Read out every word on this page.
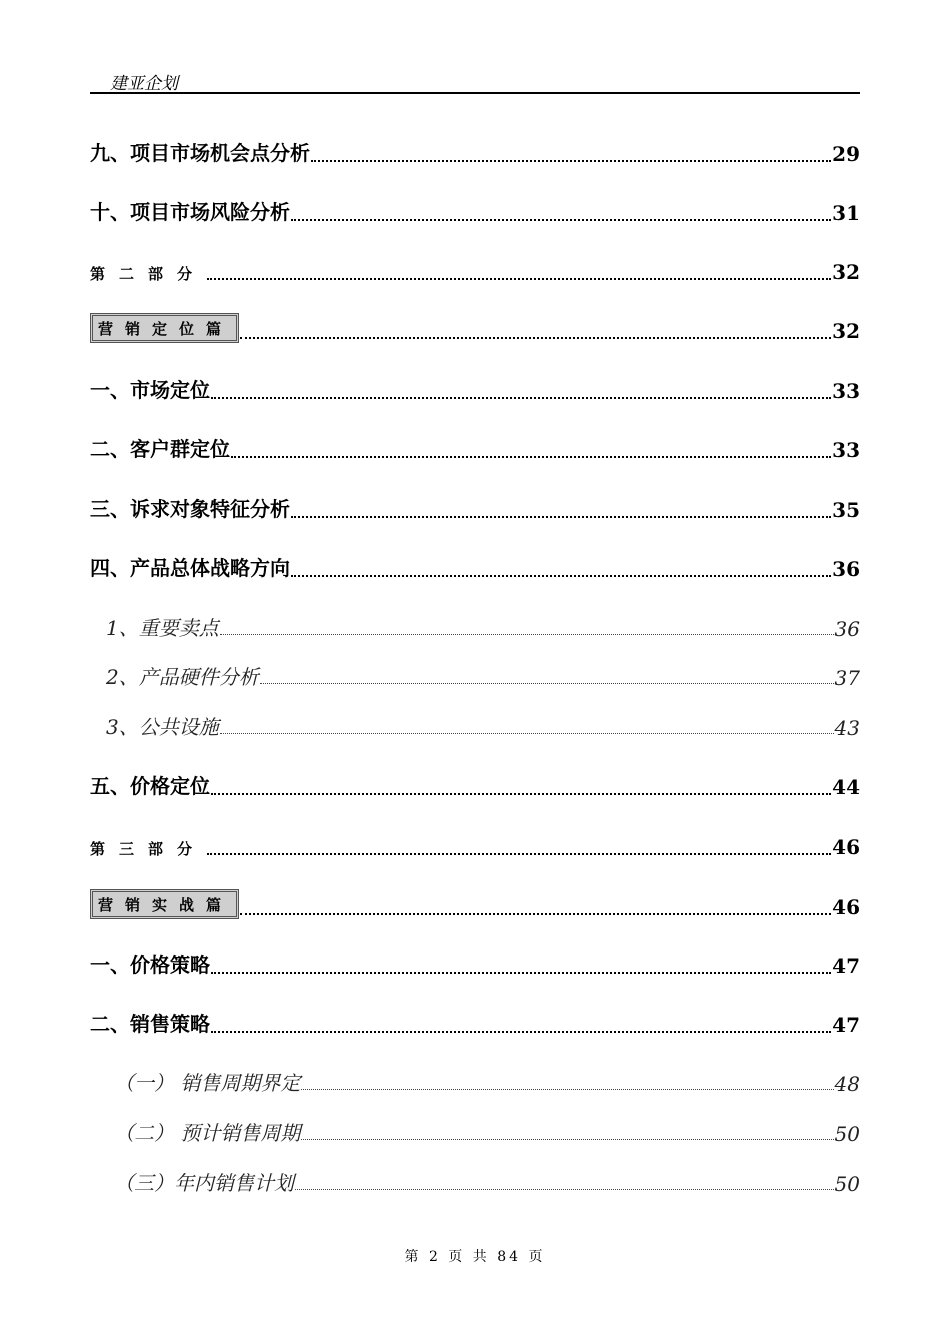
建亚企划
九、项目市场机会点分析	29
十、项目市场风险分析	31
第二部分	32
营销定位篇	32
一、市场定位	33
二、客户群定位	33
三、诉求对象特征分析	35
四、产品总体战略方向	36
1、重要卖点	36
2、产品硬件分析	37
3、公共设施	43
五、价格定位	44
第三部分	46
营销实战篇	46
一、价格策略	47
二、销售策略	47
（一） 销售周期界定	48
（二） 预计销售周期	50
（三）年内销售计划	50
第 2 页 共 84 页
